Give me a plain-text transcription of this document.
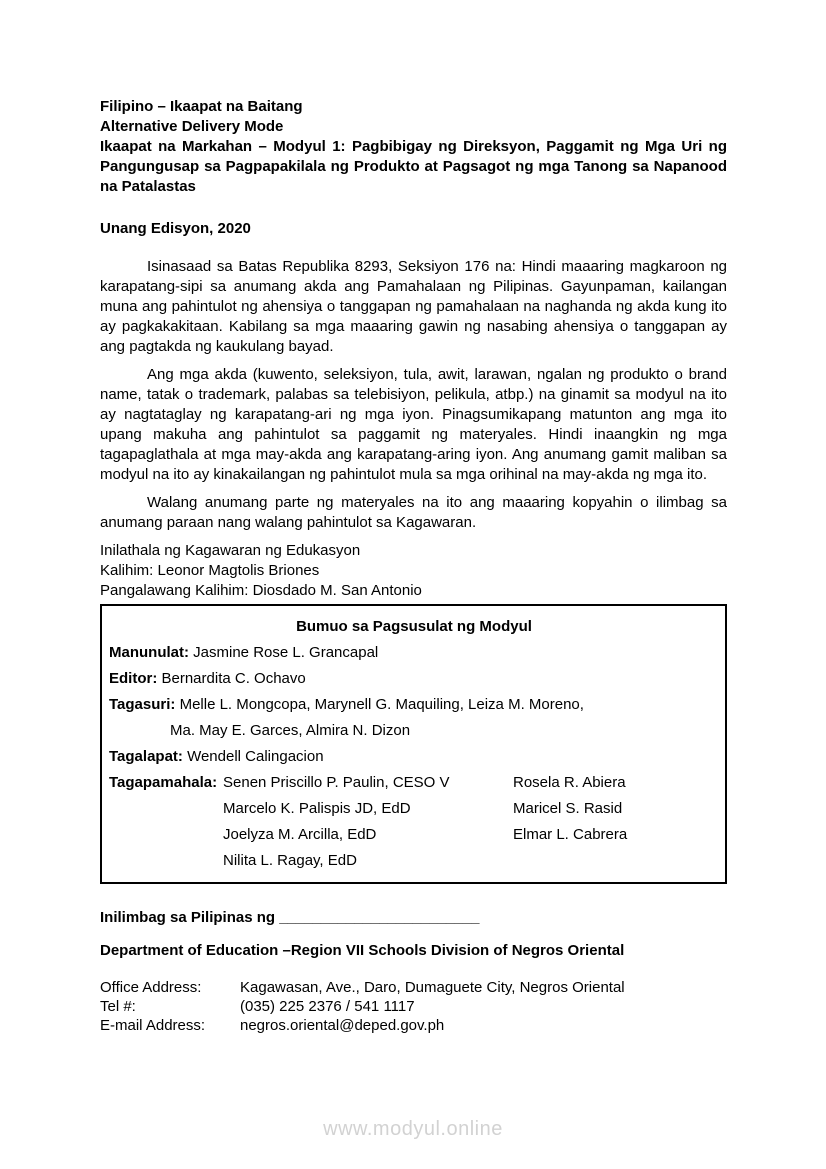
Filipino – Ikaapat na Baitang
Alternative Delivery Mode
Ikaapat na Markahan – Modyul 1: Pagbibigay ng Direksyon, Paggamit ng Mga Uri ng Pangungusap sa Pagpapakilala ng Produkto at Pagsagot ng mga Tanong sa Napanood na Patalastas
Unang Edisyon, 2020

Isinasaad sa Batas Republika 8293, Seksiyon 176 na: Hindi maaaring magkaroon ng karapatang-sipi sa anumang akda ang Pamahalaan ng Pilipinas. Gayunpaman, kailangan muna ang pahintulot ng ahensiya o tanggapan ng pamahalaan na naghanda ng akda kung ito ay pagkakakitaan. Kabilang sa mga maaaring gawin ng nasabing ahensiya o tanggapan ay ang pagtakda ng kaukulang bayad.

Ang mga akda (kuwento, seleksiyon, tula, awit, larawan, ngalan ng produkto o brand name, tatak o trademark, palabas sa telebisiyon, pelikula, atbp.) na ginamit sa modyul na ito ay nagtataglay ng karapatang-ari ng mga iyon. Pinagsumikapang matunton ang mga ito upang makuha ang pahintulot sa paggamit ng materyales. Hindi inaangkin ng mga tagapaglathala at mga may-akda ang karapatang-aring iyon. Ang anumang gamit maliban sa modyul na ito ay kinakailangan ng pahintulot mula sa mga orihinal na may-akda ng mga ito.

Walang anumang parte ng materyales na ito ang maaaring kopyahin o ilimbag sa anumang paraan nang walang pahintulot sa Kagawaran.

Inilathala ng Kagawaran ng Edukasyon
Kalihim: Leonor Magtolis Briones
Pangalawang Kalihim: Diosdado M. San Antonio
Bumuo sa Pagsusulat ng Modyul
Manunulat: Jasmine Rose L. Grancapal
Editor: Bernardita C. Ochavo
Tagasuri: Melle L. Mongcopa, Marynell G. Maquiling, Leiza M. Moreno,
Ma. May E. Garces, Almira N. Dizon
Tagalapat: Wendell Calingacion
Tagapamahala: Senen Priscillo P. Paulin, CESO V	Rosela R. Abiera
Marcelo K. Palispis JD, EdD	Maricel S. Rasid
Joelyza M. Arcilla, EdD	Elmar L. Cabrera
Nilita L. Ragay, EdD
Inilimbag sa Pilipinas ng ________________________
Department of Education –Region VII Schools Division of Negros Oriental
Office Address:	Kagawasan, Ave., Daro, Dumaguete City, Negros Oriental
Tel #:	(035) 225 2376 / 541 1117
E-mail Address:	negros.oriental@deped.gov.ph
www.modyul.online
